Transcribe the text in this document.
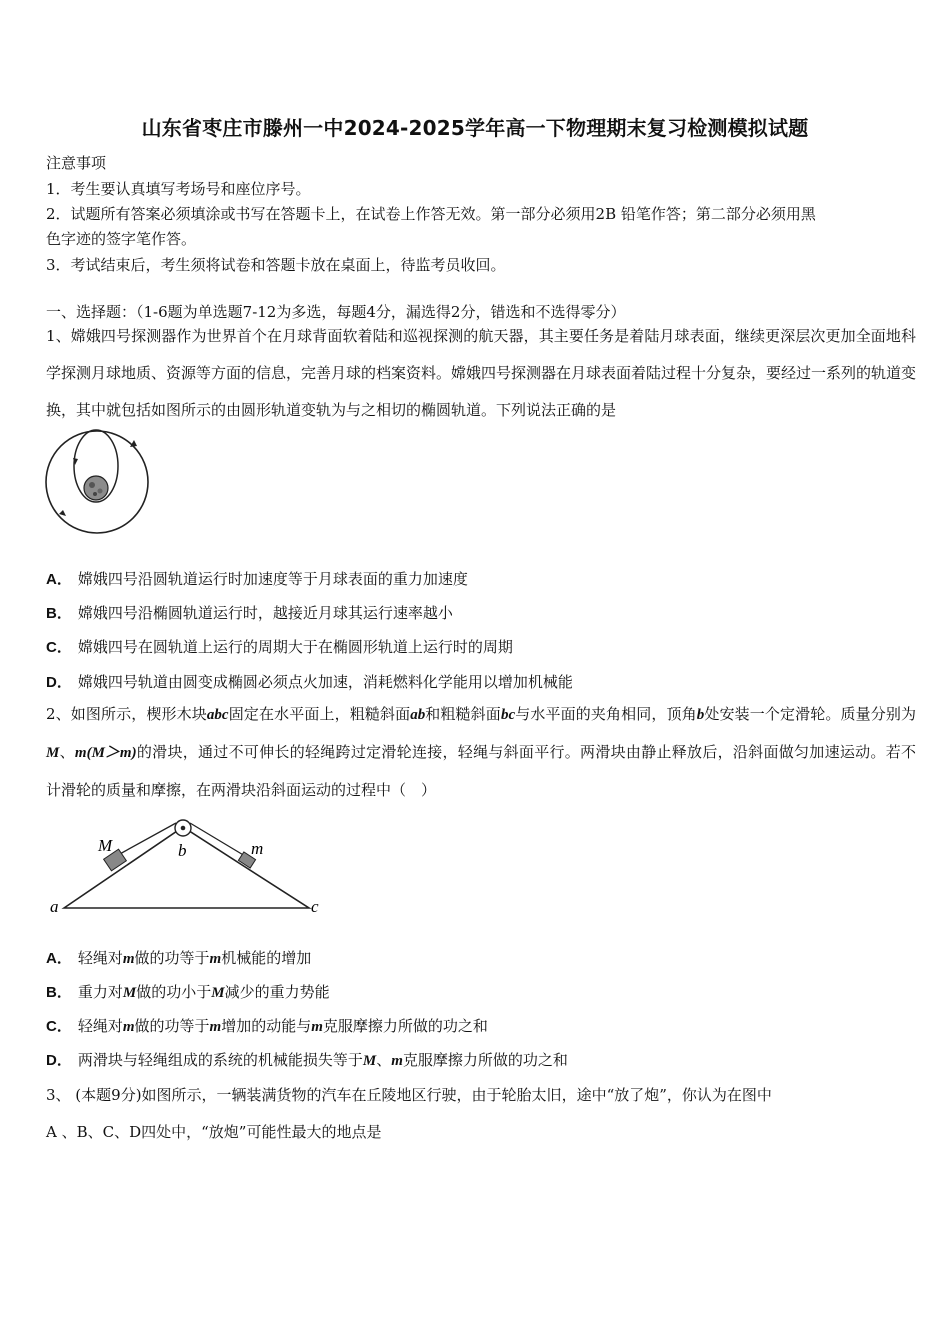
山东省枣庄市滕州一中2024-2025学年高一下物理期末复习检测模拟试题
注意事项
1．考生要认真填写考场号和座位序号。
2．试题所有答案必须填涂或书写在答题卡上，在试卷上作答无效。第一部分必须用2B 铅笔作答；第二部分必须用黑
色字迹的签字笔作答。
3．考试结束后，考生须将试卷和答题卡放在桌面上，待监考员收回。
一、选择题：（1-6题为单选题7-12为多选，每题4分，漏选得2分，错选和不选得零分）
1、嫦娥四号探测器作为世界首个在月球背面软着陆和巡视探测的航天器，其主要任务是着陆月球表面，继续更深层次更加全面地科学探测月球地质、资源等方面的信息，完善月球的档案资料。嫦娥四号探测器在月球表面着陆过程十分复杂，要经过一系列的轨道变换，其中就包括如图所示的由圆形轨道变轨为与之相切的椭圆轨道。下列说法正确的是
A． 嫦娥四号沿圆轨道运行时加速度等于月球表面的重力加速度
B． 嫦娥四号沿椭圆轨道运行时，越接近月球其运行速率越小
C． 嫦娥四号在圆轨道上运行的周期大于在椭圆形轨道上运行时的周期
D． 嫦娥四号轨道由圆变成椭圆必须点火加速，消耗燃料化学能用以增加机械能
2、如图所示，楔形木块abc固定在水平面上，粗糙斜面ab和粗糙斜面bc与水平面的夹角相同，顶角b处安装一个定滑轮。质量分别为M、m(M＞m)的滑块，通过不可伸长的轻绳跨过定滑轮连接，轻绳与斜面平行。两滑块由静止释放后，沿斜面做匀加速运动。若不计滑轮的质量和摩擦，在两滑块沿斜面运动的过程中（　）
M	m
a
b
c
A． 轻绳对m做的功等于m机械能的增加
B． 重力对M做的功小于M减少的重力势能
C． 轻绳对m做的功等于m增加的动能与m克服摩擦力所做的功之和
D． 两滑块与轻绳组成的系统的机械能损失等于M、m克服摩擦力所做的功之和
3、 (本题9分)如图所示，一辆装满货物的汽车在丘陵地区行驶，由于轮胎太旧，途中“放了炮”，你认为在图中
A 、B、C、D四处中，“放炮”可能性最大的地点是
